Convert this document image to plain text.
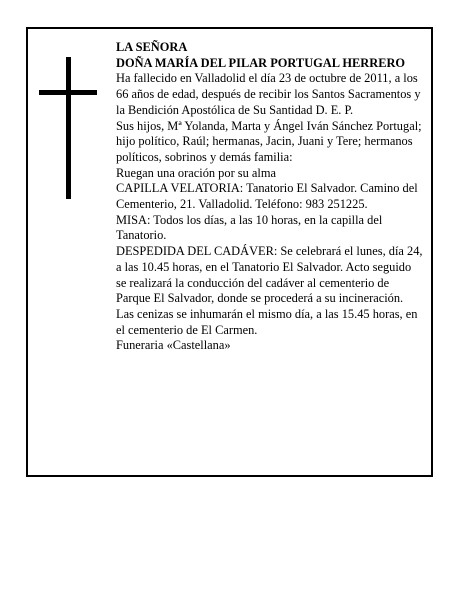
LA SEÑORA

DOÑA MARÍA DEL PILAR PORTUGAL HERRERO

Ha fallecido en Valladolid el día 23 de octubre de 2011, a los 66 años de edad, después de recibir los Santos Sacramentos y la Bendición Apostólica de Su Santidad D. E. P.

Sus hijos, Mª Yolanda, Marta y Ángel Iván Sánchez Portugal; hijo político, Raúl; hermanas, Jacin, Juani y Tere; hermanos políticos, sobrinos y demás familia:

Ruegan una oración por su alma

CAPILLA VELATORIA: Tanatorio El Salvador. Camino del Cementerio, 21. Valladolid. Teléfono: 983 251225.

MISA: Todos los días, a las 10 horas, en la capilla del Tanatorio.

DESPEDIDA DEL CADÁVER: Se celebrará el lunes, día 24, a las 10.45 horas, en el Tanatorio El Salvador. Acto seguido se realizará la conducción del cadáver al cementerio de Parque El Salvador, donde se procederá a su incineración. Las cenizas se inhumarán el mismo día, a las 15.45 horas, en el cementerio de El Carmen.

Funeraria «Castellana»
